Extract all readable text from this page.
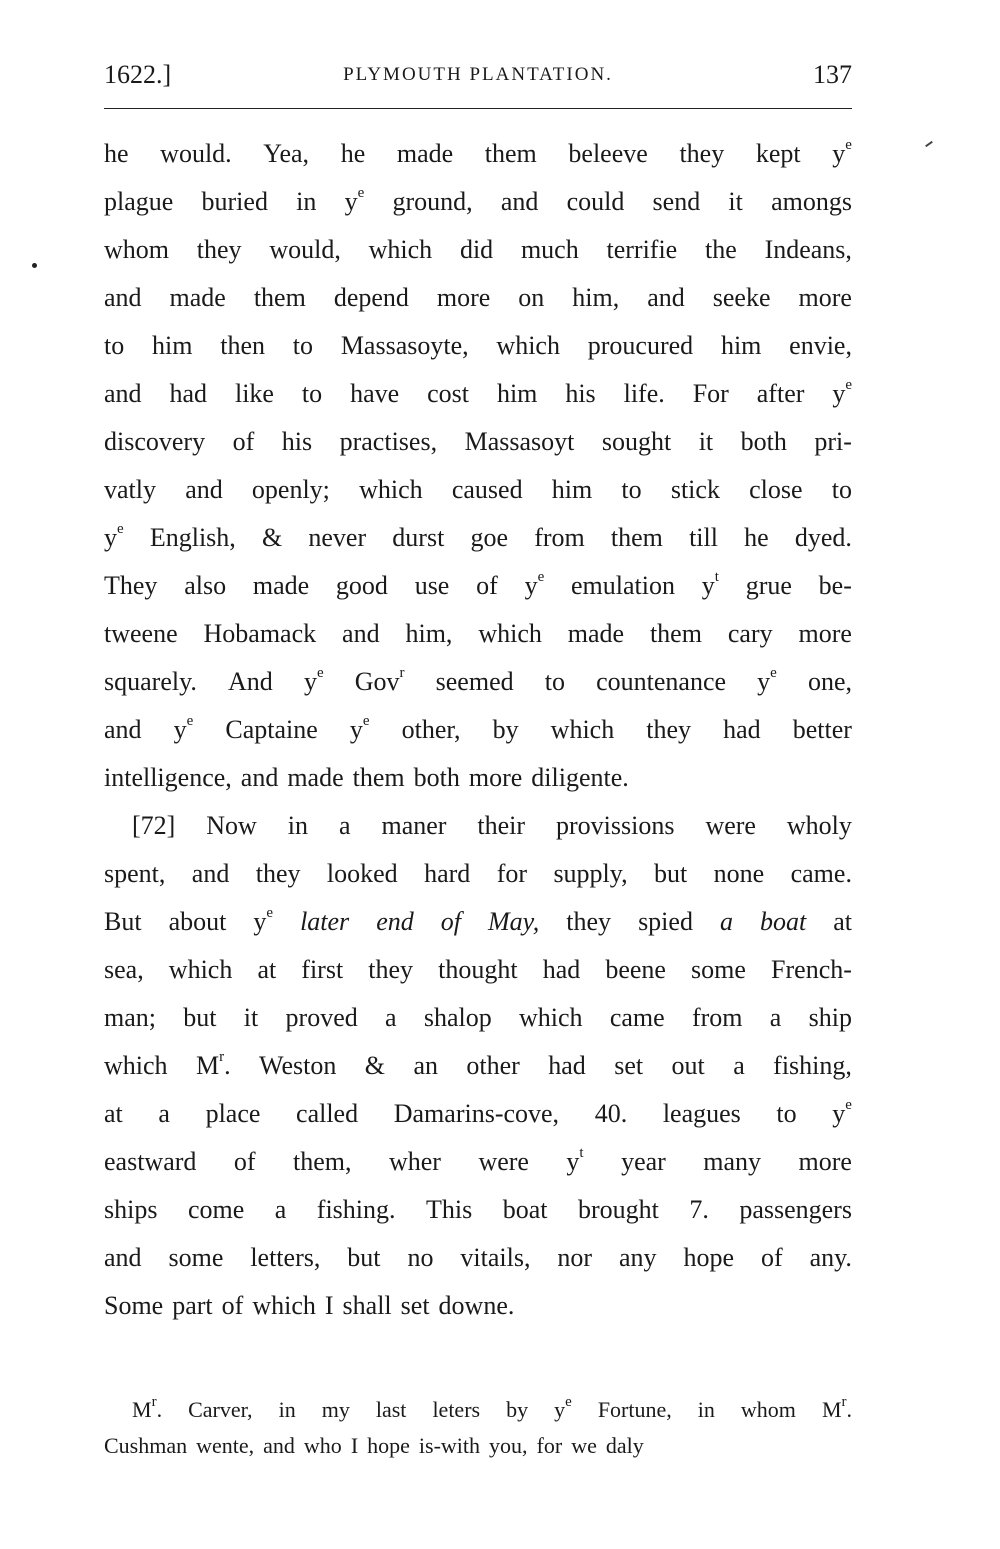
1622.]	PLYMOUTH PLANTATION.	137
he would. Yea, he made them beleeve they kept $y^e$
plague buried in $y^e$ ground, and could send it amongs
whom they would, which did much terrifie the Indeans,
and made them depend more on him, and seeke more
to him then to Massasoyte, which proucured him envie,
and had like to have cost him his life. For after $y^e$
discovery of his practises, Massasoyt sought it both pri-
vatly and openly; which caused him to stick close to
$y^e$ English, & never durst goe from them till he dyed.
They also made good use of $y^e$ emulation $y^t$ grue be-
tweene Hobamack and him, which made them cary more
squarely. And $y^e$ Gov$^r$ seemed to countenance $y^e$ one,
and $y^e$ Captaine $y^e$ other, by which they had better
intelligence, and made them both more diligente.
[72] Now in a maner their provissions were wholy
spent, and they looked hard for supply, but none came.
But about $y^e$ later end of May, they spied a boat at
sea, which at first they thought had beene some French-
man; but it proved a shalop which came from a ship
which $M^r$. Weston & an other had set out a fishing,
at a place called Damarins-cove, 40. leagues to $y^e$
eastward of them, wher were $y^t$ year many more
ships come a fishing. This boat brought 7. passengers
and some letters, but no vitails, nor any hope of any.
Some part of which I shall set downe.
$M^r$. Carver, in my last leters by $y^e$ Fortune, in whom $M^r$.
Cushman wente, and who I hope is-with you, for we daly
